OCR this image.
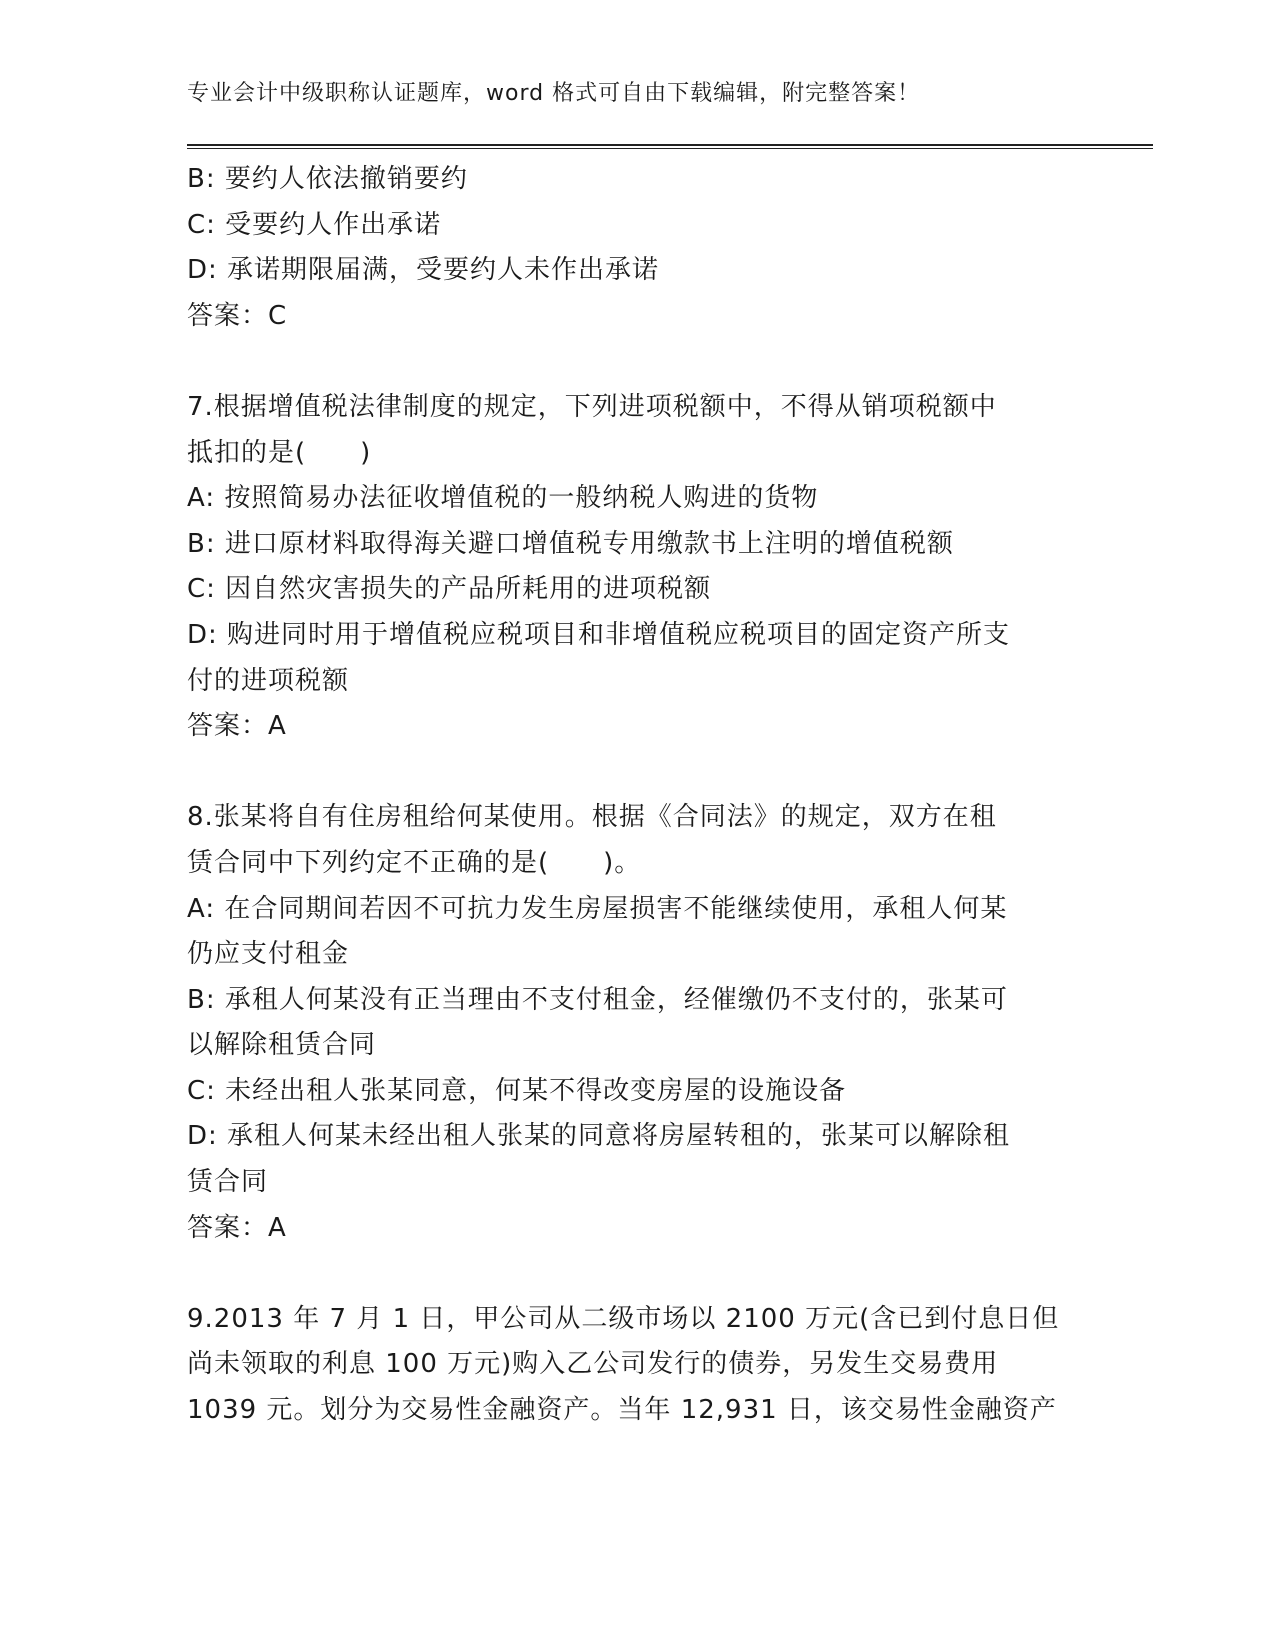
专业会计中级职称认证题库，word 格式可自由下载编辑，附完整答案！
B: 要约人依法撤销要约
C: 受要约人作出承诺
D: 承诺期限届满，受要约人未作出承诺
答案：C
7.根据增值税法律制度的规定，下列进项税额中，不得从销项税额中
抵扣的是(　　)
A: 按照简易办法征收增值税的一般纳税人购进的货物
B: 进口原材料取得海关避口增值税专用缴款书上注明的增值税额
C: 因自然灾害损失的产品所耗用的进项税额
D: 购进同时用于增值税应税项目和非增值税应税项目的固定资产所支
付的进项税额
答案：A
8.张某将自有住房租给何某使用。根据《合同法》的规定，双方在租
赁合同中下列约定不正确的是(　　)。
A: 在合同期间若因不可抗力发生房屋损害不能继续使用，承租人何某
仍应支付租金
B: 承租人何某没有正当理由不支付租金，经催缴仍不支付的，张某可
以解除租赁合同
C: 未经出租人张某同意，何某不得改变房屋的设施设备
D: 承租人何某未经出租人张某的同意将房屋转租的，张某可以解除租
赁合同
答案：A
9.2013 年 7 月 1 日，甲公司从二级市场以 2100 万元(含已到付息日但
尚未领取的利息 100 万元)购入乙公司发行的债券，另发生交易费用
1039 元。划分为交易性金融资产。当年 12,931 日，该交易性金融资产
